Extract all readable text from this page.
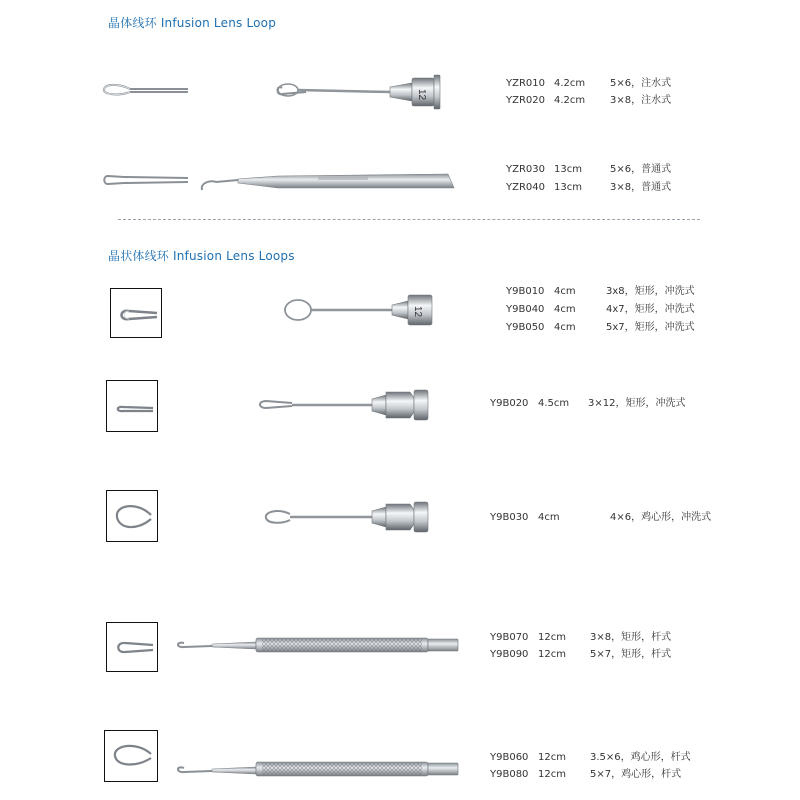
晶体线环 Infusion Lens Loop
12
YZR010 4.2cm 5×6，注水式
YZR020 4.2cm 3×8，注水式
YZR030 13cm	5×6，普通式
YZR040 13cm	3×8，普通式
晶状体线环 Infusion Lens Loops
12
Y9B010 4cm	3x8，矩形，冲洗式
Y9B040 4cm	4x7，矩形，冲洗式
Y9B050 4cm	5x7，矩形，冲洗式
Y9B020 4.5cm 3×12，矩形，冲洗式
Y9B030 4cm	4×6，鸡心形，冲洗式
Y9B070 12cm 3×8，矩形，杆式
Y9B090 12cm 5×7，矩形，杆式
Y9B060 12cm 3.5×6，鸡心形，杆式
Y9B080 12cm 5×7，鸡心形，杆式
